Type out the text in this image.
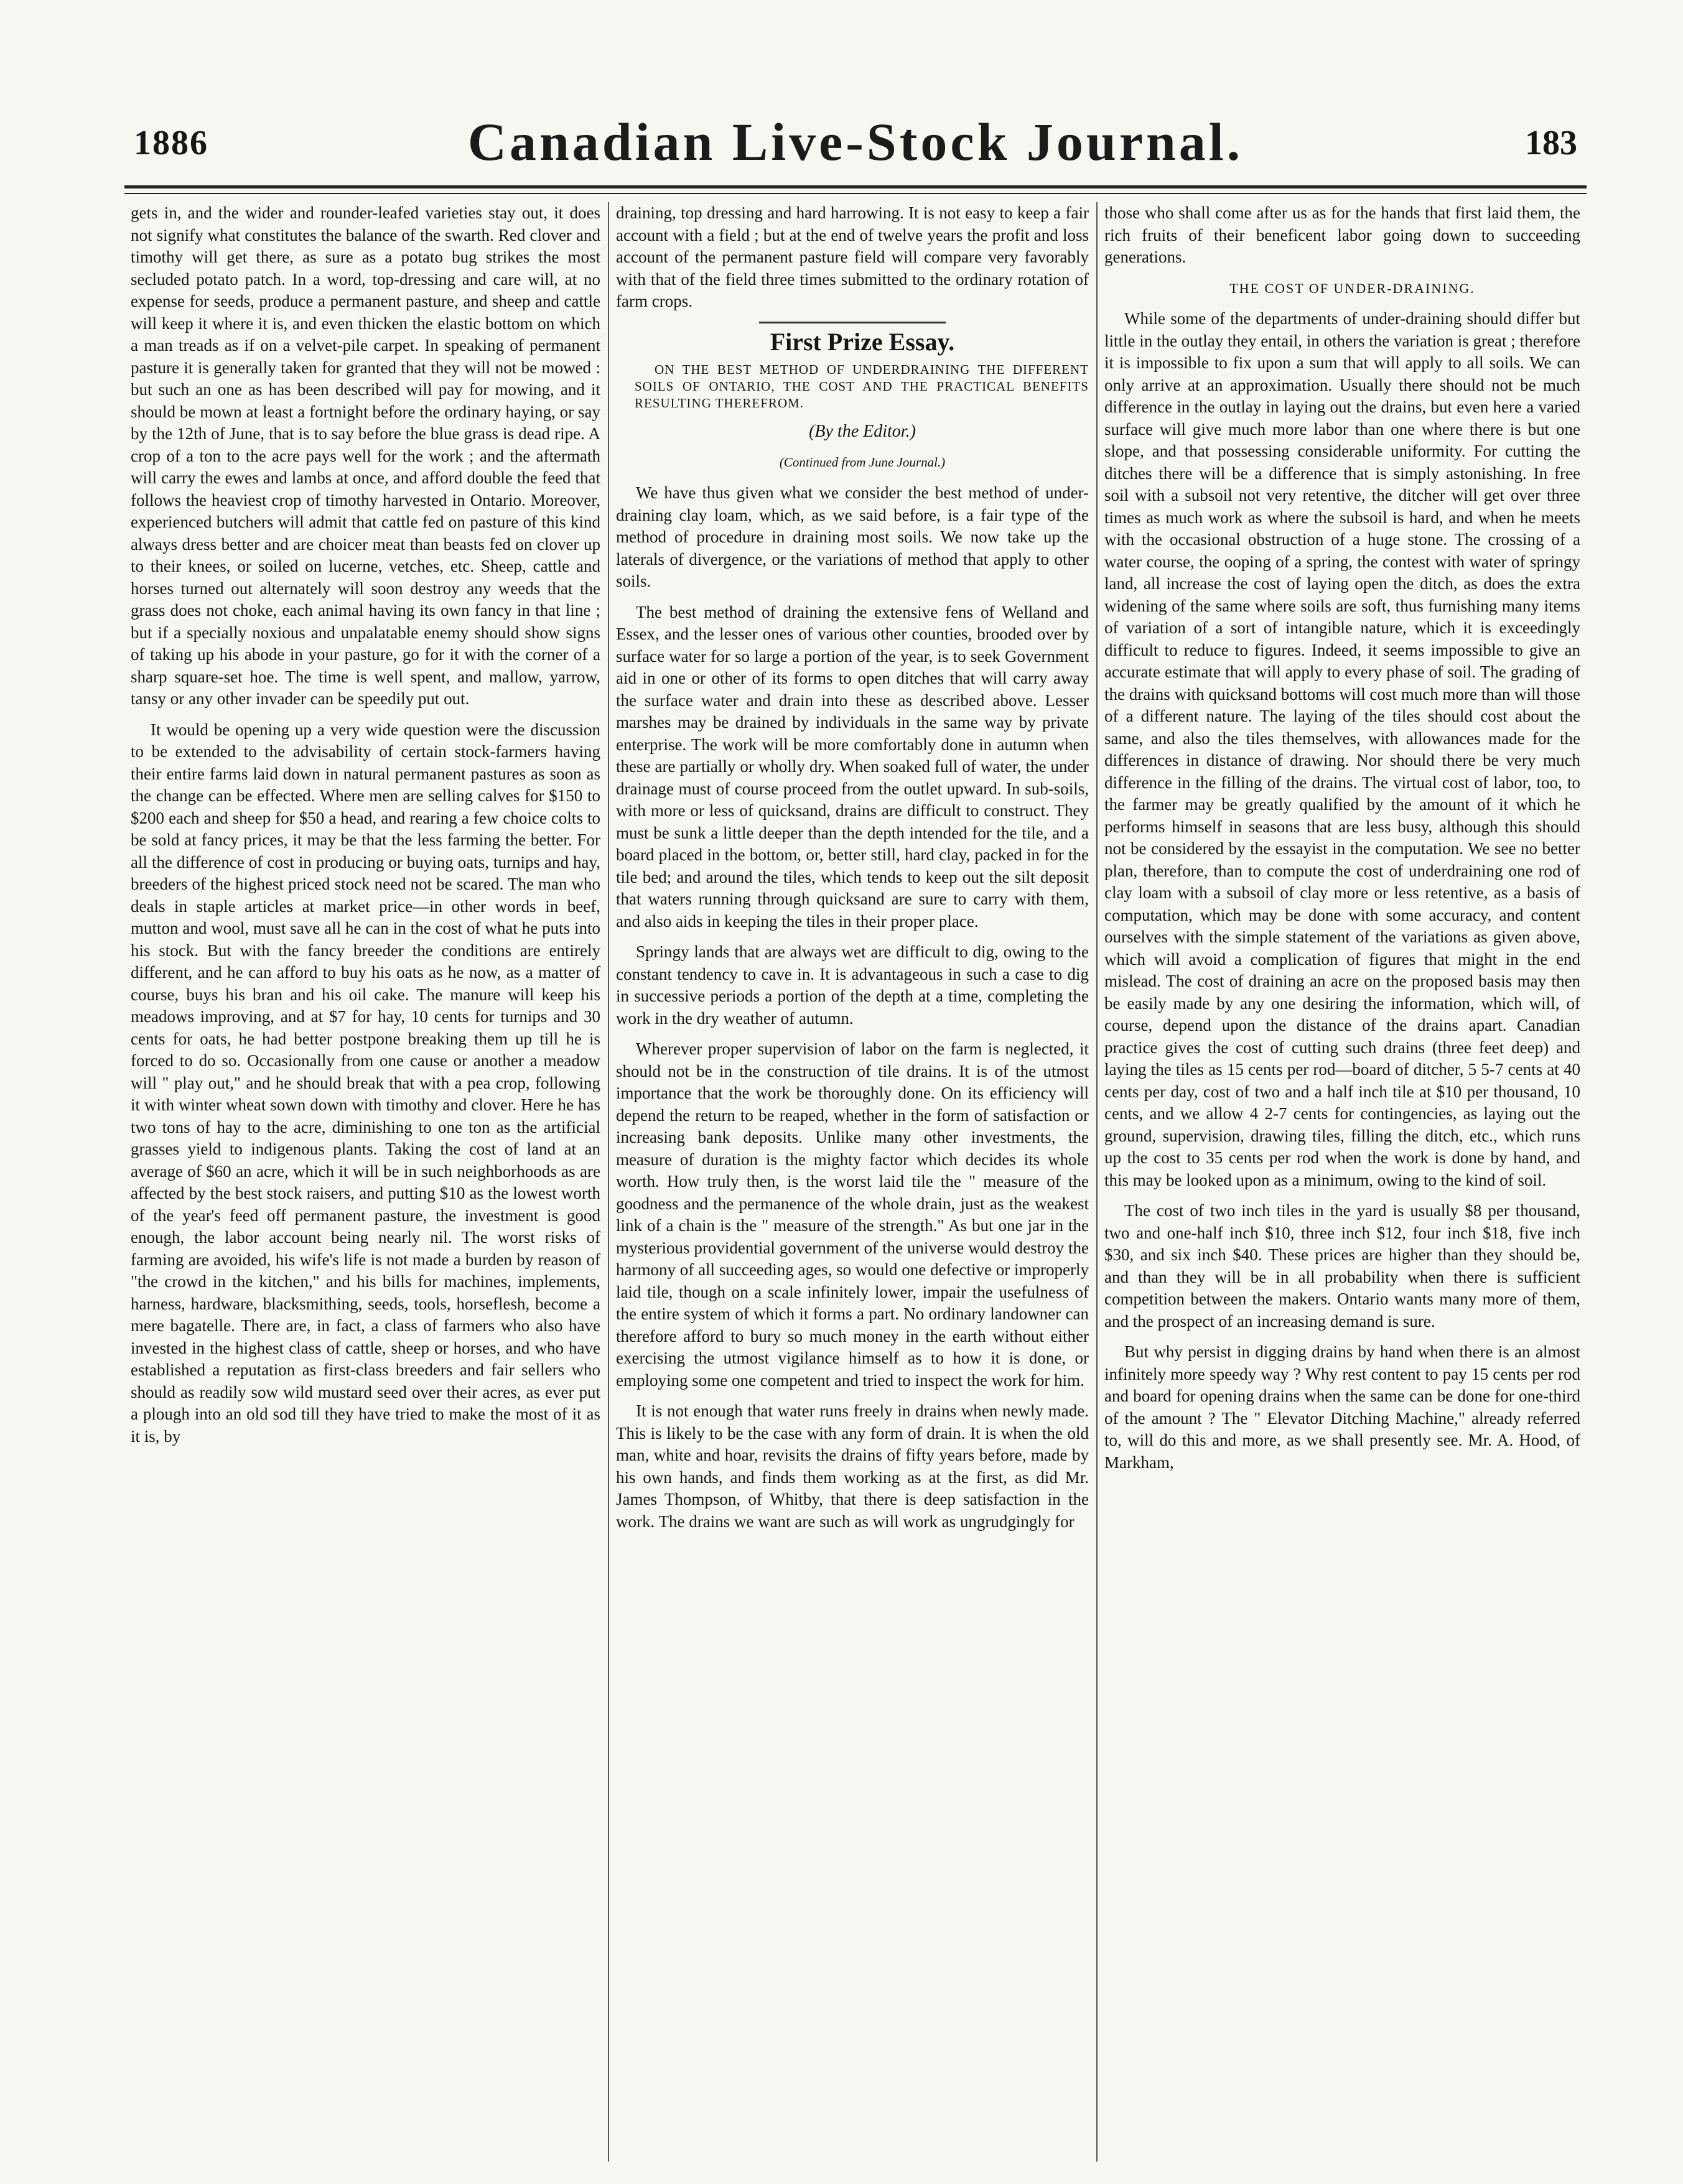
1886	Canadian Live-Stock Journal.	183

gets in, and the wider and rounder-leafed varieties stay out, it does not signify what constitutes the balance of the swarth. Red clover and timothy will get there, as sure as a potato bug strikes the most secluded potato patch. In a word, top-dressing and care will, at no expense for seeds, produce a permanent pasture, and sheep and cattle will keep it where it is, and even thicken the elastic bottom on which a man treads as if on a velvet-pile carpet. In speaking of permanent pasture it is generally taken for granted that they will not be mowed : but such an one as has been described will pay for mowing, and it should be mown at least a fortnight before the ordinary haying, or say by the 12th of June, that is to say before the blue grass is dead ripe. A crop of a ton to the acre pays well for the work ; and the aftermath will carry the ewes and lambs at once, and afford double the feed that follows the heaviest crop of timothy harvested in Ontario. Moreover, experienced butchers will admit that cattle fed on pasture of this kind always dress better and are choicer meat than beasts fed on clover up to their knees, or soiled on lucerne, vetches, etc. Sheep, cattle and horses turned out alternately will soon destroy any weeds that the grass does not choke, each animal having its own fancy in that line ; but if a specially noxious and unpalatable enemy should show signs of taking up his abode in your pasture, go for it with the corner of a sharp square-set hoe. The time is well spent, and mallow, yarrow, tansy or any other invader can be speedily put out.

It would be opening up a very wide question were the discussion to be extended to the advisability of certain stock-farmers having their entire farms laid down in natural permanent pastures as soon as the change can be effected. Where men are selling calves for $150 to $200 each and sheep for $50 a head, and rearing a few choice colts to be sold at fancy prices, it may be that the less farming the better. For all the difference of cost in producing or buying oats, turnips and hay, breeders of the highest priced stock need not be scared. The man who deals in staple articles at market price—in other words in beef, mutton and wool, must save all he can in the cost of what he puts into his stock. But with the fancy breeder the conditions are entirely different, and he can afford to buy his oats as he now, as a matter of course, buys his bran and his oil cake. The manure will keep his meadows improving, and at $7 for hay, 10 cents for turnips and 30 cents for oats, he had better postpone breaking them up till he is forced to do so. Occasionally from one cause or another a meadow will " play out," and he should break that with a pea crop, following it with winter wheat sown down with timothy and clover. Here he has two tons of hay to the acre, diminishing to one ton as the artificial grasses yield to indigenous plants. Taking the cost of land at an average of $60 an acre, which it will be in such neighborhoods as are affected by the best stock raisers, and putting $10 as the lowest worth of the year's feed off permanent pasture, the investment is good enough, the labor account being nearly nil. The worst risks of farming are avoided, his wife's life is not made a burden by reason of "the crowd in the kitchen," and his bills for machines, implements, harness, hardware, blacksmithing, seeds, tools, horseflesh, become a mere bagatelle. There are, in fact, a class of farmers who also have invested in the highest class of cattle, sheep or horses, and who have established a reputation as first-class breeders and fair sellers who should as readily sow wild mustard seed over their acres, as ever put a plough into an old sod till they have tried to make the most of it as it is, by

draining, top dressing and hard harrowing. It is not easy to keep a fair account with a field ; but at the end of twelve years the profit and loss account of the permanent pasture field will compare very favorably with that of the field three times submitted to the ordinary rotation of farm crops.

First Prize Essay.

ON THE BEST METHOD OF UNDERDRAINING THE DIFFERENT SOILS OF ONTARIO, THE COST AND THE PRACTICAL BENEFITS RESULTING THEREFROM.

(By the Editor.)

(Continued from June Journal.)

We have thus given what we consider the best method of under-draining clay loam, which, as we said before, is a fair type of the method of procedure in draining most soils. We now take up the laterals of divergence, or the variations of method that apply to other soils.

The best method of draining the extensive fens of Welland and Essex, and the lesser ones of various other counties, brooded over by surface water for so large a portion of the year, is to seek Government aid in one or other of its forms to open ditches that will carry away the surface water and drain into these as described above. Lesser marshes may be drained by individuals in the same way by private enterprise. The work will be more comfortably done in autumn when these are partially or wholly dry. When soaked full of water, the under drainage must of course proceed from the outlet upward. In sub-soils, with more or less of quicksand, drains are difficult to construct. They must be sunk a little deeper than the depth intended for the tile, and a board placed in the bottom, or, better still, hard clay, packed in for the tile bed; and around the tiles, which tends to keep out the silt deposit that waters running through quicksand are sure to carry with them, and also aids in keeping the tiles in their proper place.

Springy lands that are always wet are difficult to dig, owing to the constant tendency to cave in. It is advantageous in such a case to dig in successive periods a portion of the depth at a time, completing the work in the dry weather of autumn.

Wherever proper supervision of labor on the farm is neglected, it should not be in the construction of tile drains. It is of the utmost importance that the work be thoroughly done. On its efficiency will depend the return to be reaped, whether in the form of satisfaction or increasing bank deposits. Unlike many other investments, the measure of duration is the mighty factor which decides its whole worth. How truly then, is the worst laid tile the " measure of the goodness and the permanence of the whole drain, just as the weakest link of a chain is the " measure of the strength." As but one jar in the mysterious providential government of the universe would destroy the harmony of all succeeding ages, so would one defective or improperly laid tile, though on a scale infinitely lower, impair the usefulness of the entire system of which it forms a part. No ordinary landowner can therefore afford to bury so much money in the earth without either exercising the utmost vigilance himself as to how it is done, or employing some one competent and tried to inspect the work for him.

It is not enough that water runs freely in drains when newly made. This is likely to be the case with any form of drain. It is when the old man, white and hoar, revisits the drains of fifty years before, made by his own hands, and finds them working as at the first, as did Mr. James Thompson, of Whitby, that there is deep satisfaction in the work. The drains we want are such as will work as ungrudgingly for

those who shall come after us as for the hands that first laid them, the rich fruits of their beneficent labor going down to succeeding generations.

THE COST OF UNDER-DRAINING.

While some of the departments of under-draining should differ but little in the outlay they entail, in others the variation is great ; therefore it is impossible to fix upon a sum that will apply to all soils. We can only arrive at an approximation. Usually there should not be much difference in the outlay in laying out the drains, but even here a varied surface will give much more labor than one where there is but one slope, and that possessing considerable uniformity. For cutting the ditches there will be a difference that is simply astonishing. In free soil with a subsoil not very retentive, the ditcher will get over three times as much work as where the subsoil is hard, and when he meets with the occasional obstruction of a huge stone. The crossing of a water course, the ooping of a spring, the contest with water of springy land, all increase the cost of laying open the ditch, as does the extra widening of the same where soils are soft, thus furnishing many items of variation of a sort of intangible nature, which it is exceedingly difficult to reduce to figures. Indeed, it seems impossible to give an accurate estimate that will apply to every phase of soil. The grading of the drains with quicksand bottoms will cost much more than will those of a different nature. The laying of the tiles should cost about the same, and also the tiles themselves, with allowances made for the differences in distance of drawing. Nor should there be very much difference in the filling of the drains. The virtual cost of labor, too, to the farmer may be greatly qualified by the amount of it which he performs himself in seasons that are less busy, although this should not be considered by the essayist in the computation. We see no better plan, therefore, than to compute the cost of underdraining one rod of clay loam with a subsoil of clay more or less retentive, as a basis of computation, which may be done with some accuracy, and content ourselves with the simple statement of the variations as given above, which will avoid a complication of figures that might in the end mislead. The cost of draining an acre on the proposed basis may then be easily made by any one desiring the information, which will, of course, depend upon the distance of the drains apart. Canadian practice gives the cost of cutting such drains (three feet deep) and laying the tiles as 15 cents per rod—board of ditcher, 5 5-7 cents at 40 cents per day, cost of two and a half inch tile at $10 per thousand, 10 cents, and we allow 4 2-7 cents for contingencies, as laying out the ground, supervision, drawing tiles, filling the ditch, etc., which runs up the cost to 35 cents per rod when the work is done by hand, and this may be looked upon as a minimum, owing to the kind of soil.

The cost of two inch tiles in the yard is usually $8 per thousand, two and one-half inch $10, three inch $12, four inch $18, five inch $30, and six inch $40. These prices are higher than they should be, and than they will be in all probability when there is sufficient competition between the makers. Ontario wants many more of them, and the prospect of an increasing demand is sure.

But why persist in digging drains by hand when there is an almost infinitely more speedy way ? Why rest content to pay 15 cents per rod and board for opening drains when the same can be done for one-third of the amount ? The " Elevator Ditching Machine," already referred to, will do this and more, as we shall presently see. Mr. A. Hood, of Markham,
